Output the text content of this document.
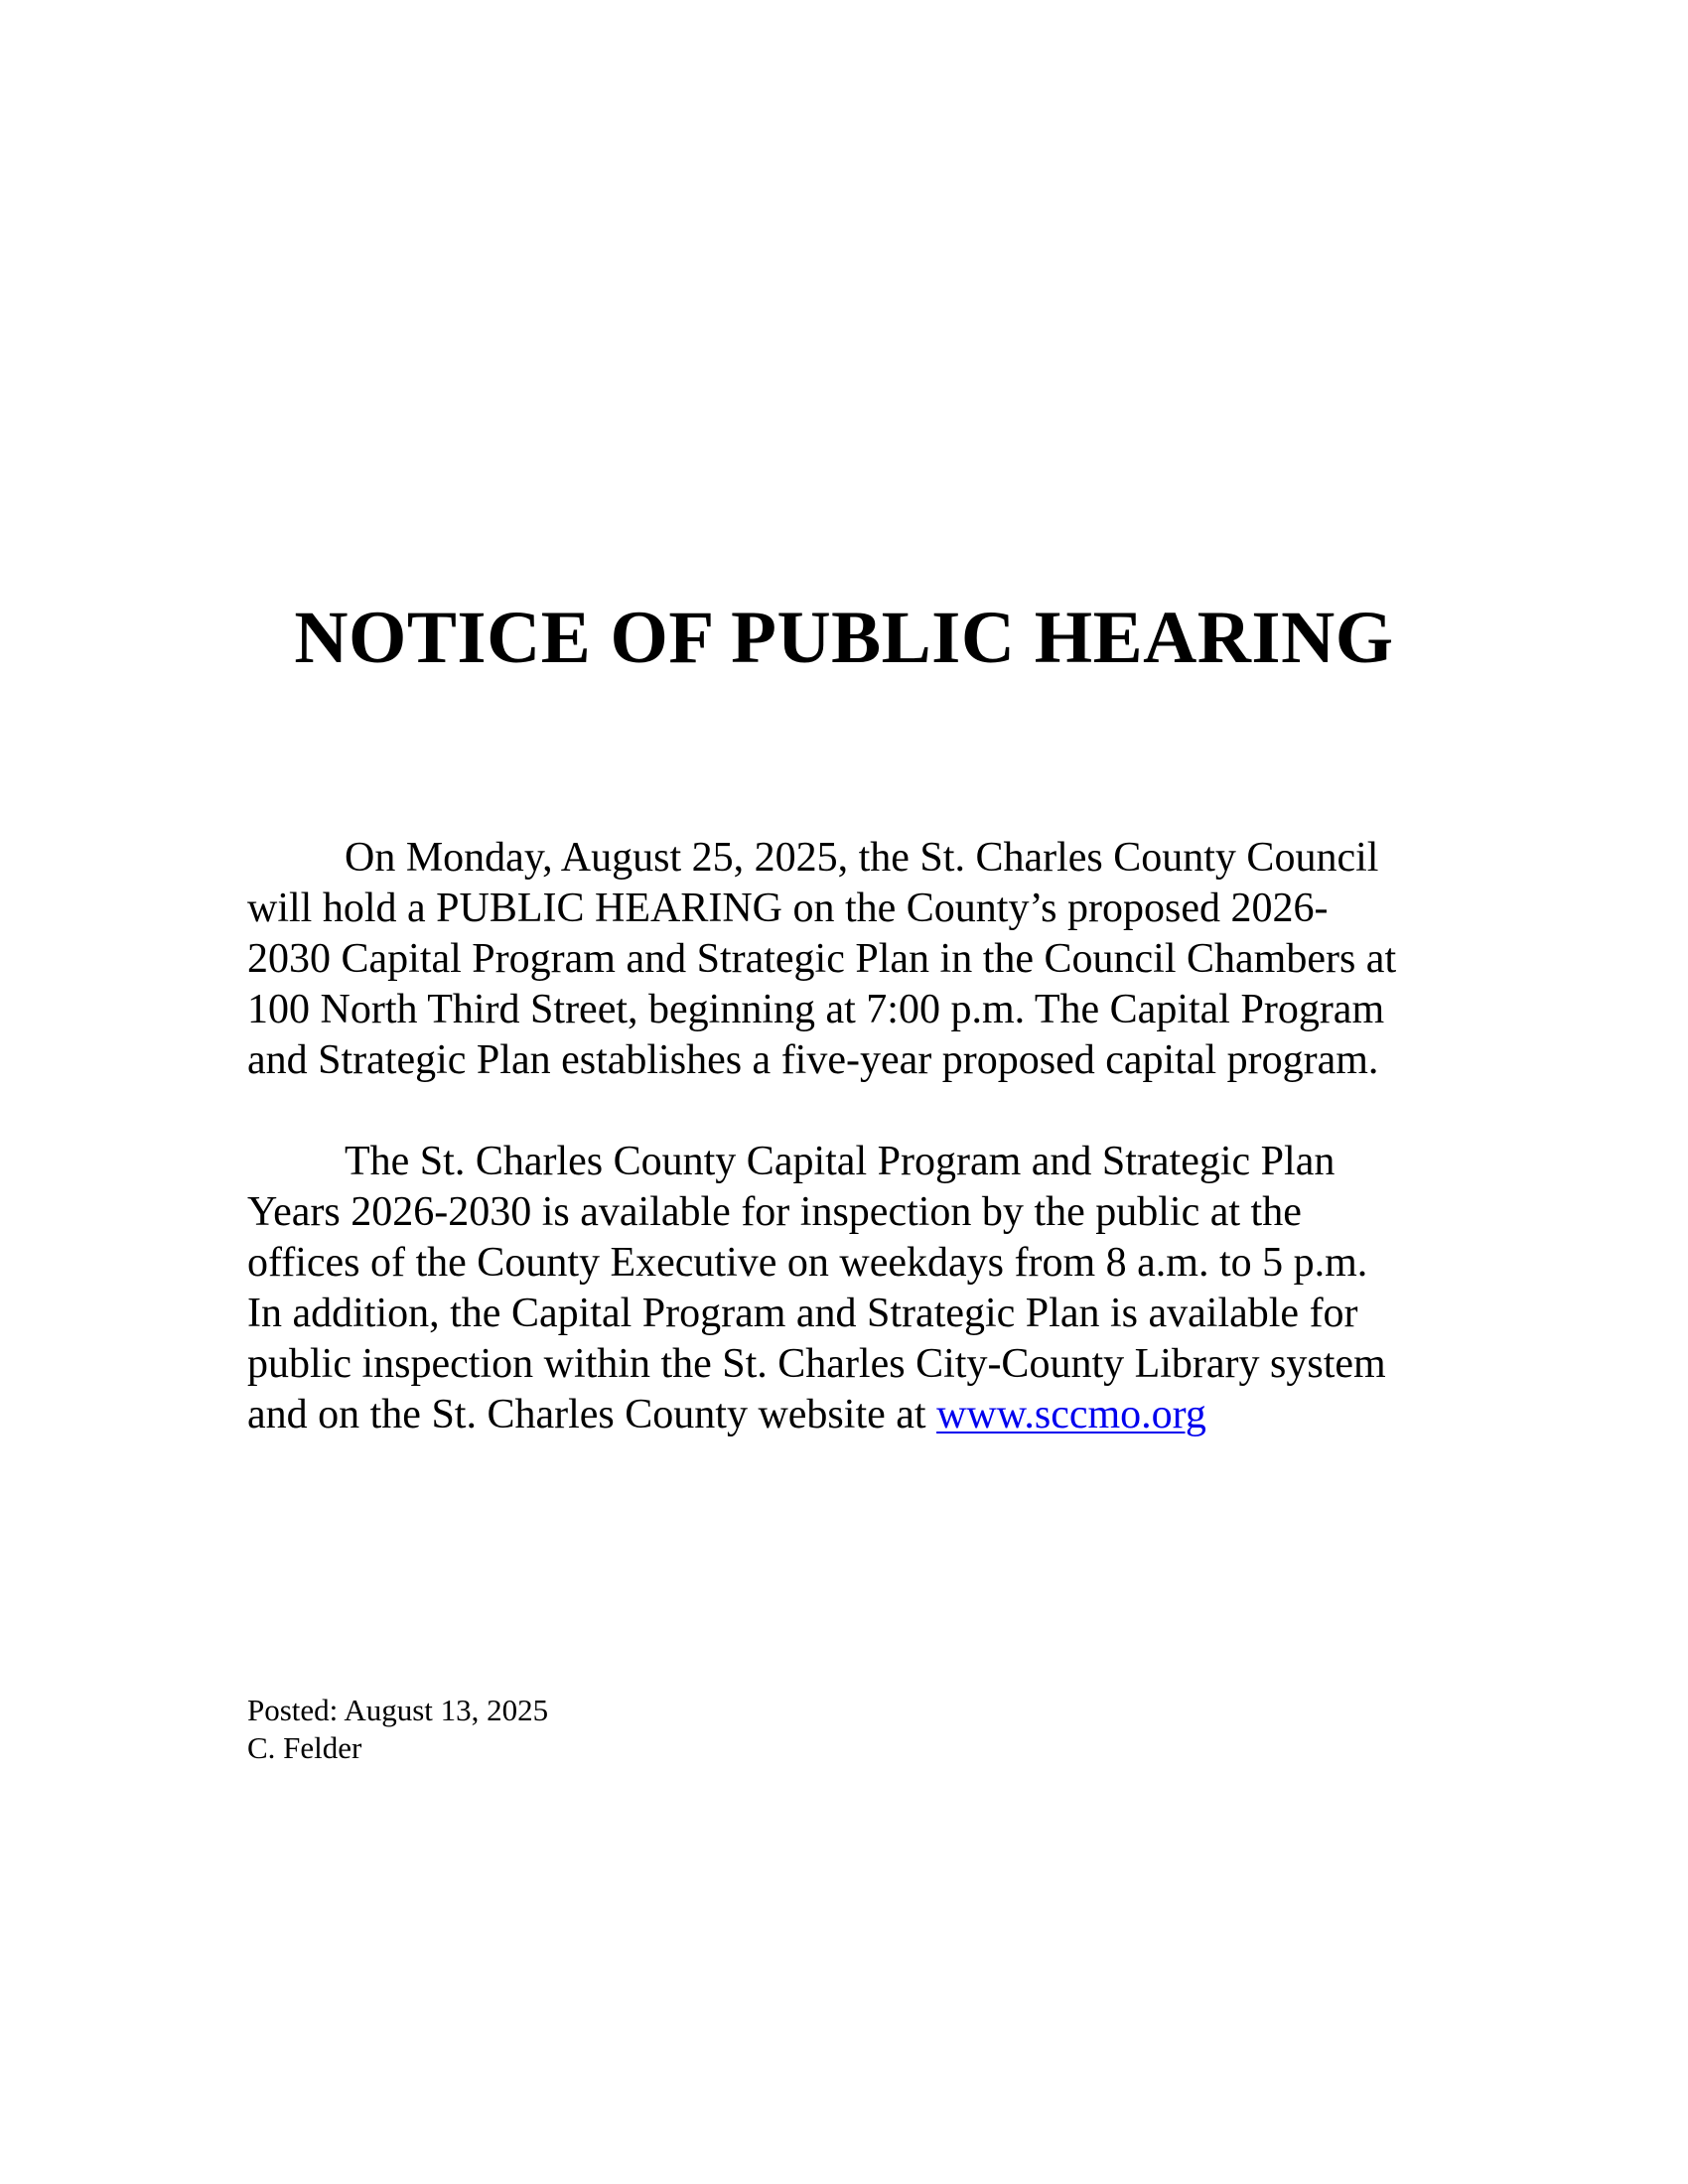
NOTICE OF PUBLIC HEARING

On Monday, August 25, 2025, the St. Charles County Council

will hold a PUBLIC HEARING on the County’s proposed 2026-

2030 Capital Program and Strategic Plan in the Council Chambers at

100 North Third Street, beginning at 7:00 p.m. The Capital Program

and Strategic Plan establishes a five-year proposed capital program.

The St. Charles County Capital Program and Strategic Plan

Years 2026-2030 is available for inspection by the public at the

offices of the County Executive on weekdays from 8 a.m. to 5 p.m.

In addition, the Capital Program and Strategic Plan is available for

public inspection within the St. Charles City-County Library system

and on the St. Charles County website at www.sccmo.org

Posted: August 13, 2025

C. Felder
